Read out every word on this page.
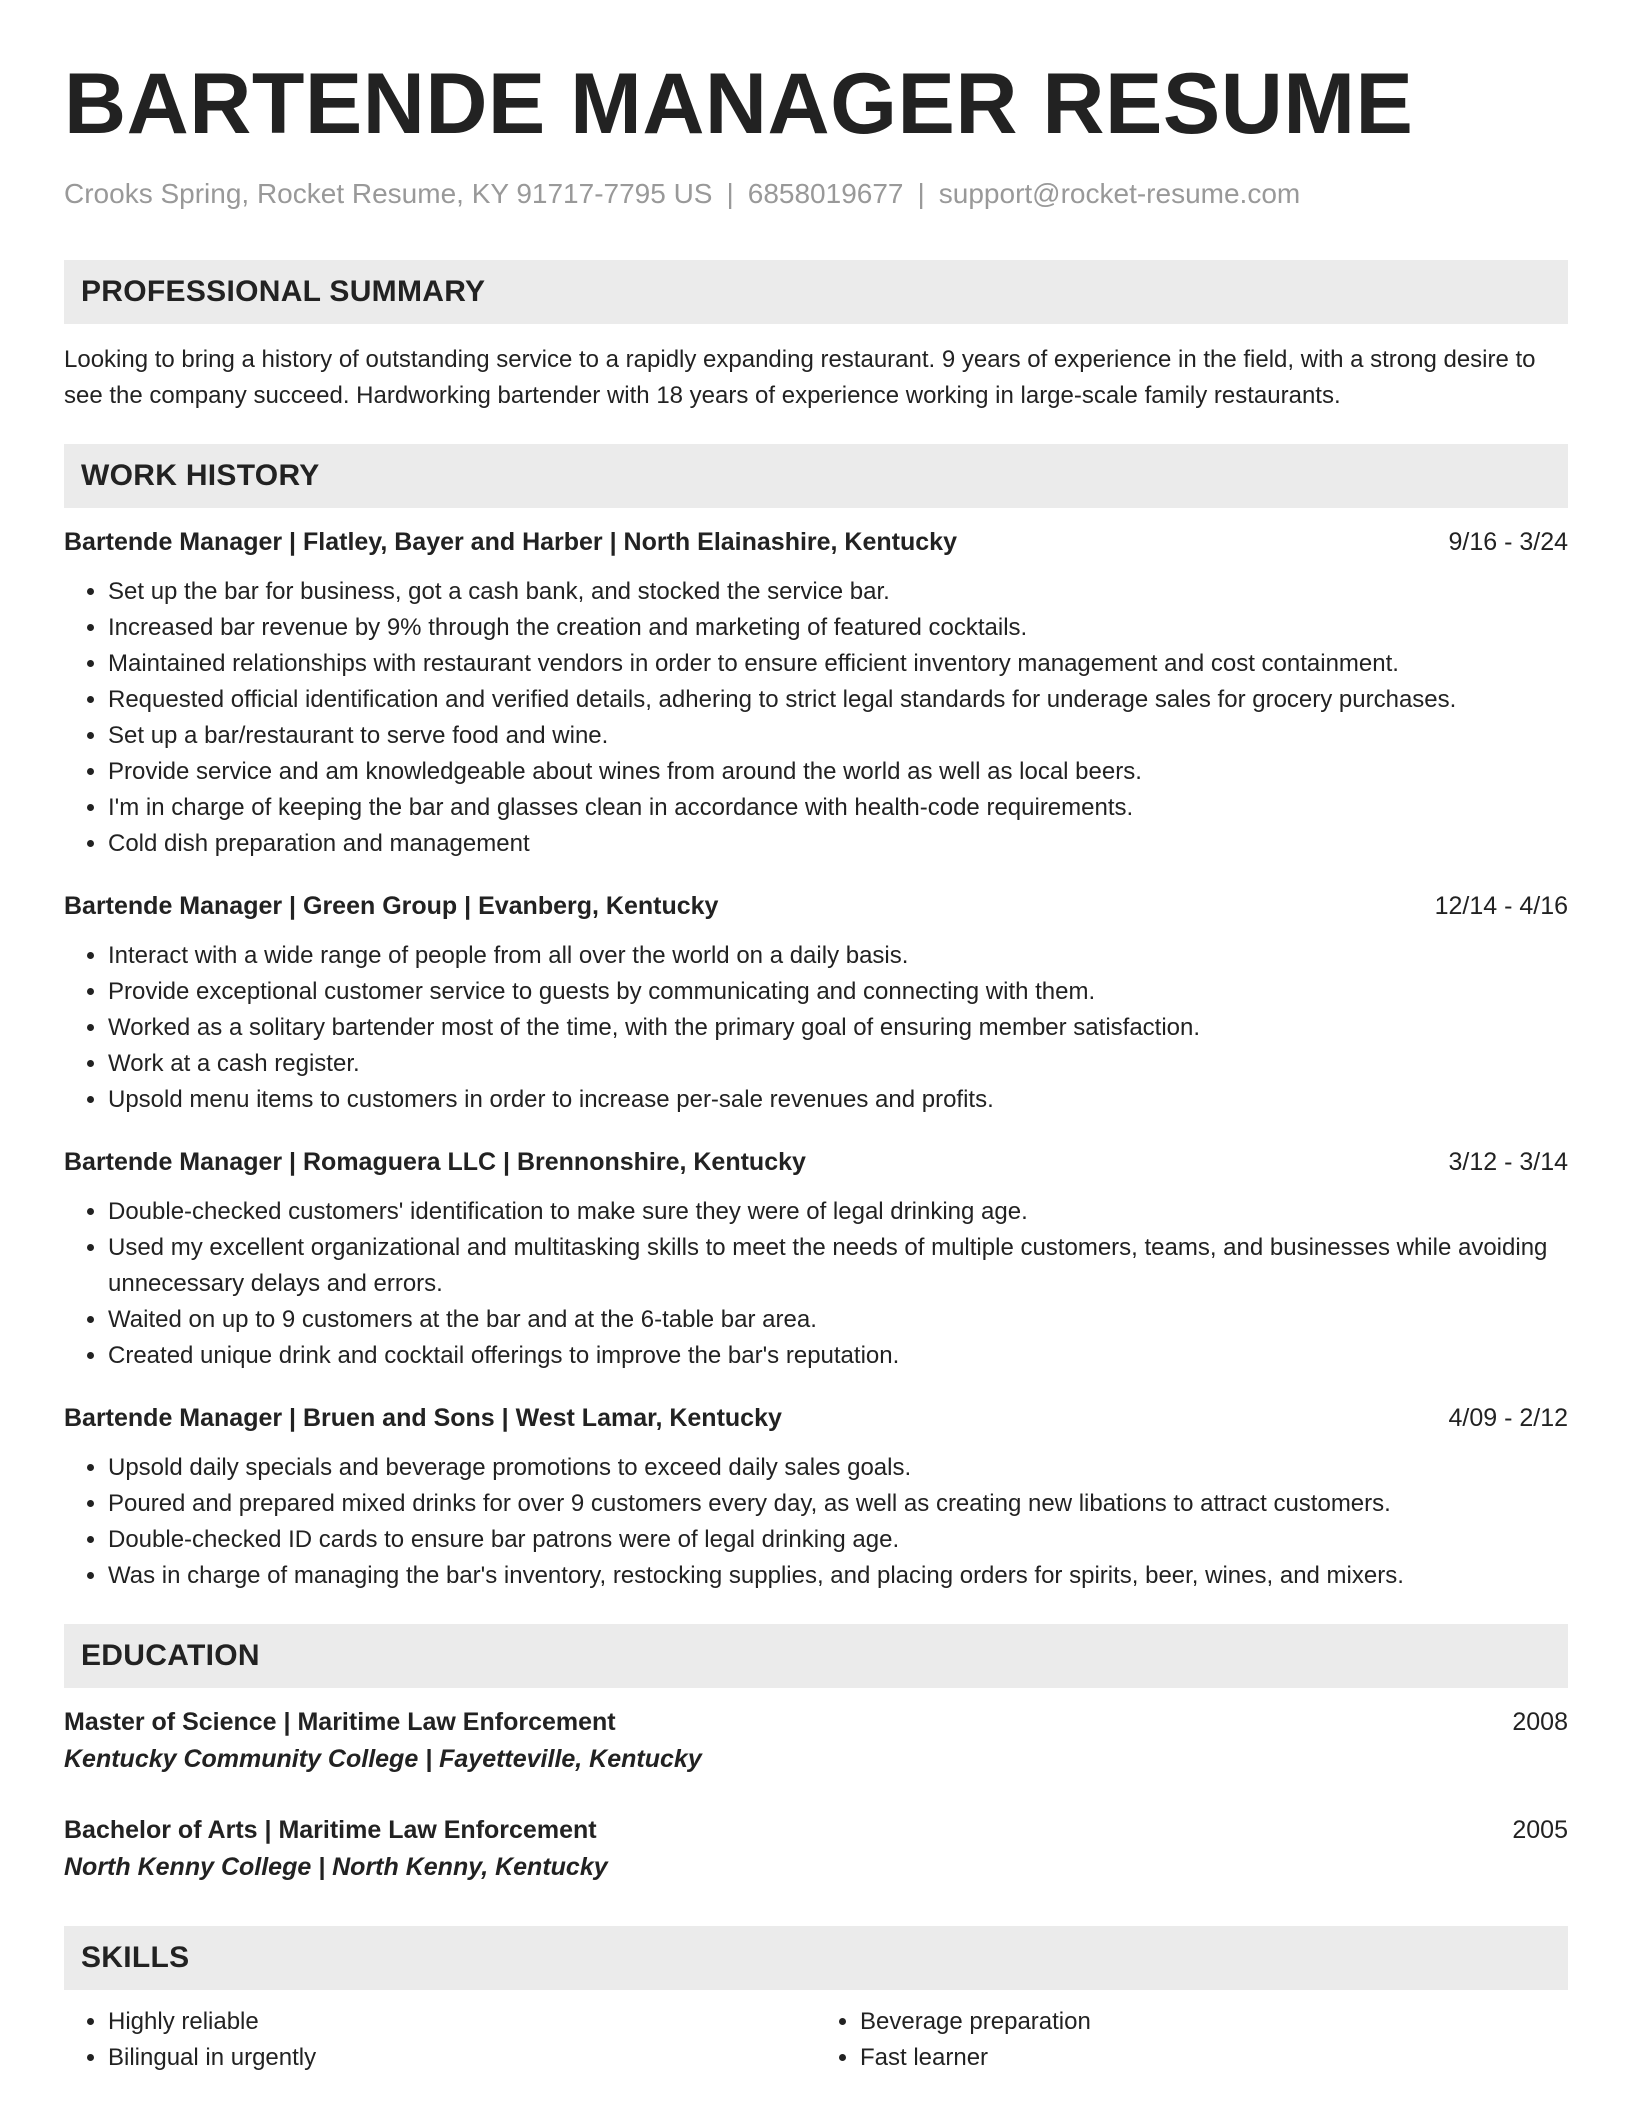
BARTENDE MANAGER RESUME
Crooks Spring, Rocket Resume, KY 91717-7795 US | 6858019677 | support@rocket-resume.com
PROFESSIONAL SUMMARY
Looking to bring a history of outstanding service to a rapidly expanding restaurant. 9 years of experience in the field, with a strong desire to see the company succeed. Hardworking bartender with 18 years of experience working in large-scale family restaurants.
WORK HISTORY
Bartende Manager | Flatley, Bayer and Harber | North Elainashire, Kentucky	9/16 - 3/24
• Set up the bar for business, got a cash bank, and stocked the service bar.
• Increased bar revenue by 9% through the creation and marketing of featured cocktails.
• Maintained relationships with restaurant vendors in order to ensure efficient inventory management and cost containment.
• Requested official identification and verified details, adhering to strict legal standards for underage sales for grocery purchases.
• Set up a bar/restaurant to serve food and wine.
• Provide service and am knowledgeable about wines from around the world as well as local beers.
• I'm in charge of keeping the bar and glasses clean in accordance with health-code requirements.
• Cold dish preparation and management
Bartende Manager | Green Group | Evanberg, Kentucky	12/14 - 4/16
• Interact with a wide range of people from all over the world on a daily basis.
• Provide exceptional customer service to guests by communicating and connecting with them.
• Worked as a solitary bartender most of the time, with the primary goal of ensuring member satisfaction.
• Work at a cash register.
• Upsold menu items to customers in order to increase per-sale revenues and profits.
Bartende Manager | Romaguera LLC | Brennonshire, Kentucky	3/12 - 3/14
• Double-checked customers' identification to make sure they were of legal drinking age.
• Used my excellent organizational and multitasking skills to meet the needs of multiple customers, teams, and businesses while avoiding unnecessary delays and errors.
• Waited on up to 9 customers at the bar and at the 6-table bar area.
• Created unique drink and cocktail offerings to improve the bar's reputation.
Bartende Manager | Bruen and Sons | West Lamar, Kentucky	4/09 - 2/12
• Upsold daily specials and beverage promotions to exceed daily sales goals.
• Poured and prepared mixed drinks for over 9 customers every day, as well as creating new libations to attract customers.
• Double-checked ID cards to ensure bar patrons were of legal drinking age.
• Was in charge of managing the bar's inventory, restocking supplies, and placing orders for spirits, beer, wines, and mixers.
EDUCATION
Master of Science | Maritime Law Enforcement	2008
Kentucky Community College | Fayetteville, Kentucky
Bachelor of Arts | Maritime Law Enforcement	2005
North Kenny College | North Kenny, Kentucky
SKILLS
• Highly reliable
• Bilingual in urgently
• Beverage preparation
• Fast learner
